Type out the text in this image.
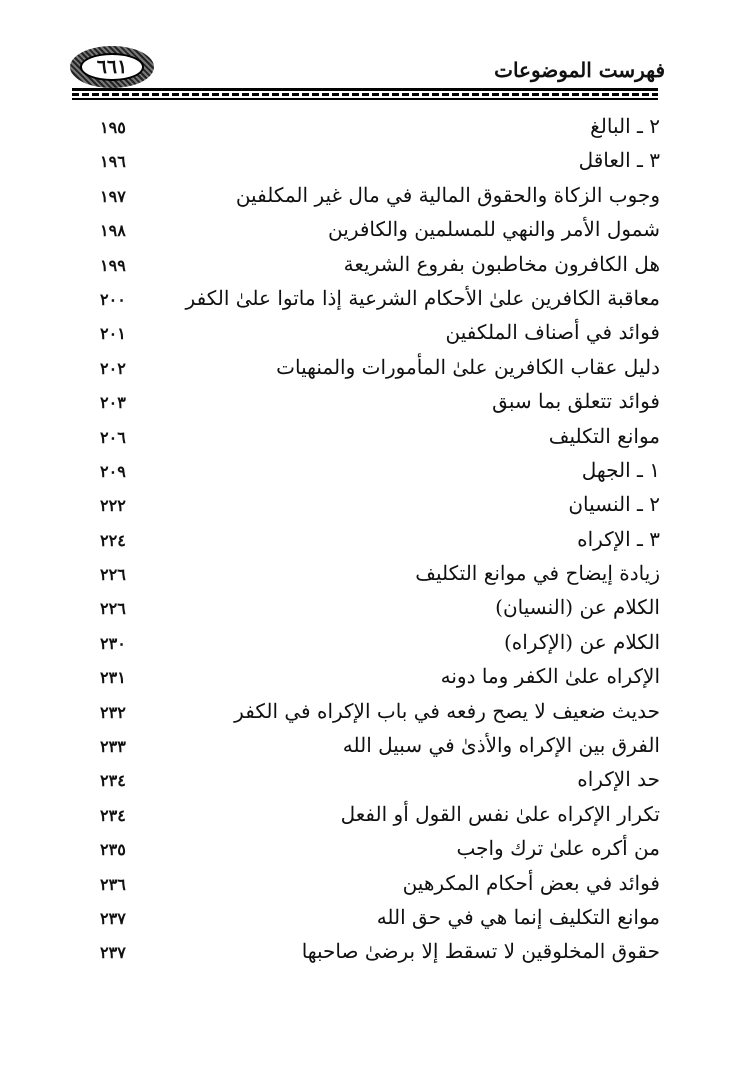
٦٦١	فهرست الموضوعات
٢ ـ البالغ
١٩٥
٣ ـ العاقل
١٩٦
وجوب الزكاة والحقوق المالية في مال غير المكلفين
١٩٧
شمول الأمر والنهي للمسلمين والكافرين
١٩٨
هل الكافرون مخاطبون بفروع الشريعة
١٩٩
معاقبة الكافرين علىٰ الأحكام الشرعية إذا ماتوا علىٰ الكفر
٢٠٠
فوائد في أصناف الملكفين
٢٠١
دليل عقاب الكافرين علىٰ المأمورات والمنهيات
٢٠٢
فوائد تتعلق بما سبق
٢٠٣
موانع التكليف
٢٠٦
١ ـ الجهل
٢٠٩
٢ ـ النسيان
٢٢٢
٣ ـ الإكراه
٢٢٤
زيادة إيضاح في موانع التكليف
٢٢٦
الكلام عن (النسيان)
٢٢٦
الكلام عن (الإكراه)
٢٣٠
الإكراه علىٰ الكفر وما دونه
٢٣١
حديث ضعيف لا يصح رفعه في باب الإكراه في الكفر
٢٣٢
الفرق بين الإكراه والأذىٰ في سبيل الله
٢٣٣
حد الإكراه
٢٣٤
تكرار الإكراه علىٰ نفس القول أو الفعل
٢٣٤
من أكره علىٰ ترك واجب
٢٣٥
فوائد في بعض أحكام المكرهين
٢٣٦
موانع التكليف إنما هي في حق الله
٢٣٧
حقوق المخلوقين لا تسقط إلا برضىٰ صاحبها
٢٣٧
